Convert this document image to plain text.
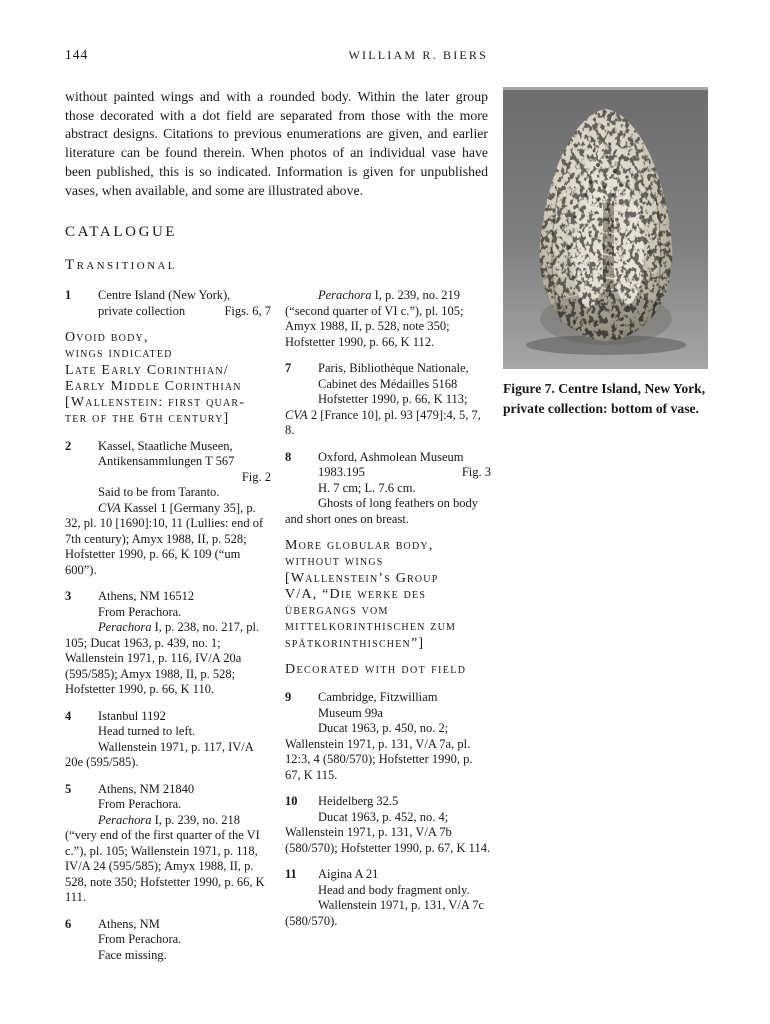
144	WILLIAM R. BIERS

without painted wings and with a rounded body. Within the later group those decorated with a dot field are separated from those with the more abstract designs. Citations to previous enumerations are given, and earlier literature can be found therein. When photos of an individual vase have been published, this is so indicated. Information is given for unpublished vases, when available, and some are illustrated above.

Figure 7. Centre Island, New York,
private collection: bottom of vase.
CATALOGUE
Transitional
1	Centre Island (New York),
private collection	Figs. 6, 7
Ovoid body,
wings indicated
Late Early Corinthian/
Early Middle Corinthian
[Wallenstein: first quar-
ter of the 6th century]
2	Kassel, Staatliche Museen,
Antikensammlungen T 567
Fig. 2
Said to be from Taranto.
CVA Kassel 1 [Germany 35], p. 32, pl. 10 [1690]:10, 11 (Lullies: end of 7th century); Amyx 1988, II, p. 528; Hofstetter 1990, p. 66, K 109 (“um 600”).
3	Athens, NM 16512
From Perachora.
Perachora I, p. 238, no. 217, pl. 105; Ducat 1963, p. 439, no. 1; Wallenstein 1971, p. 116, IV/A 20a (595/585); Amyx 1988, II, p. 528; Hofstetter 1990, p. 66, K 110.
4	Istanbul 1192
Head turned to left.
Wallenstein 1971, p. 117, IV/A 20e (595/585).
5	Athens, NM 21840
From Perachora.
Perachora I, p. 239, no. 218 (“very end of the first quarter of the VI c.”), pl. 105; Wallenstein 1971, p. 118, IV/A 24 (595/585); Amyx 1988, II, p. 528, note 350; Hofstetter 1990, p. 66, K 111.
6	Athens, NM
From Perachora.
Face missing.
Perachora I, p. 239, no. 219 (“second quarter of VI c.”), pl. 105; Amyx 1988, II, p. 528, note 350; Hofstetter 1990, p. 66, K 112.
7	Paris, Bibliothèque Nationale,
Cabinet des Médailles 5168
Hofstetter 1990, p. 66, K 113; CVA 2 [France 10], pl. 93 [479]:4, 5, 7, 8.
8	Oxford, Ashmolean Museum
1983.195	Fig. 3
H. 7 cm; L. 7.6 cm.
Ghosts of long feathers on body and short ones on breast.
More globular body,
without wings
[Wallenstein’s Group
V/A, “Die werke des
übergangs vom
mittelkorinthischen zum
spätkorinthischen”]
Decorated with dot field
9	Cambridge, Fitzwilliam
Museum 99a
Ducat 1963, p. 450, no. 2; Wallenstein 1971, p. 131, V/A 7a, pl. 12:3, 4 (580/570); Hofstetter 1990, p. 67, K 115.
10	Heidelberg 32.5
Ducat 1963, p. 452, no. 4; Wallenstein 1971, p. 131, V/A 7b (580/570); Hofstetter 1990, p. 67, K 114.
11	Aigina A 21
Head and body fragment only.
Wallenstein 1971, p. 131, V/A 7c (580/570).
